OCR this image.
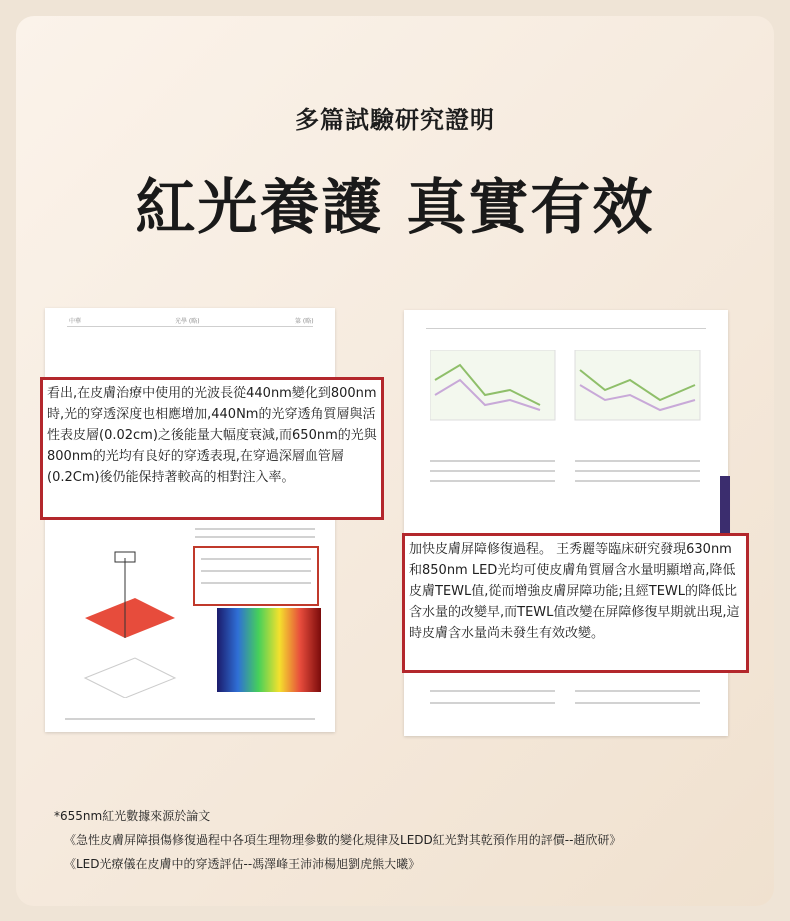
多篇試驗研究證明
紅光養護 真實有效
中華	光學 (略)	第 (略)
看出,在皮膚治療中使用的光波長從440nm變化到800nm時,光的穿透深度也相應增加,440Nm的光穿透角質層與活性表皮層(0.02cm)之後能量大幅度衰減,而650nm的光與800nm的光均有良好的穿透表現,在穿過深層血管層(0.2Cm)後仍能保持著較高的相對注入率。
加快皮膚屏障修復過程。 王秀麗等臨床研究發現630nm和850nm LED光均可使皮膚角質層含水量明顯增高,降低皮膚TEWL值,從而增強皮膚屏障功能;且經TEWL的降低比含水量的改變早,而TEWL值改變在屏障修復早期就出現,這時皮膚含水量尚未發生有效改變。
*655nm紅光數據來源於論文
《急性皮膚屏障損傷修復過程中各項生理物理參數的變化規律及LEDD紅光對其乾預作用的評價--趙欣研》
《LED光療儀在皮膚中的穿透評估--馮澤峰王沛沛楊旭劉虎熊大曦》
